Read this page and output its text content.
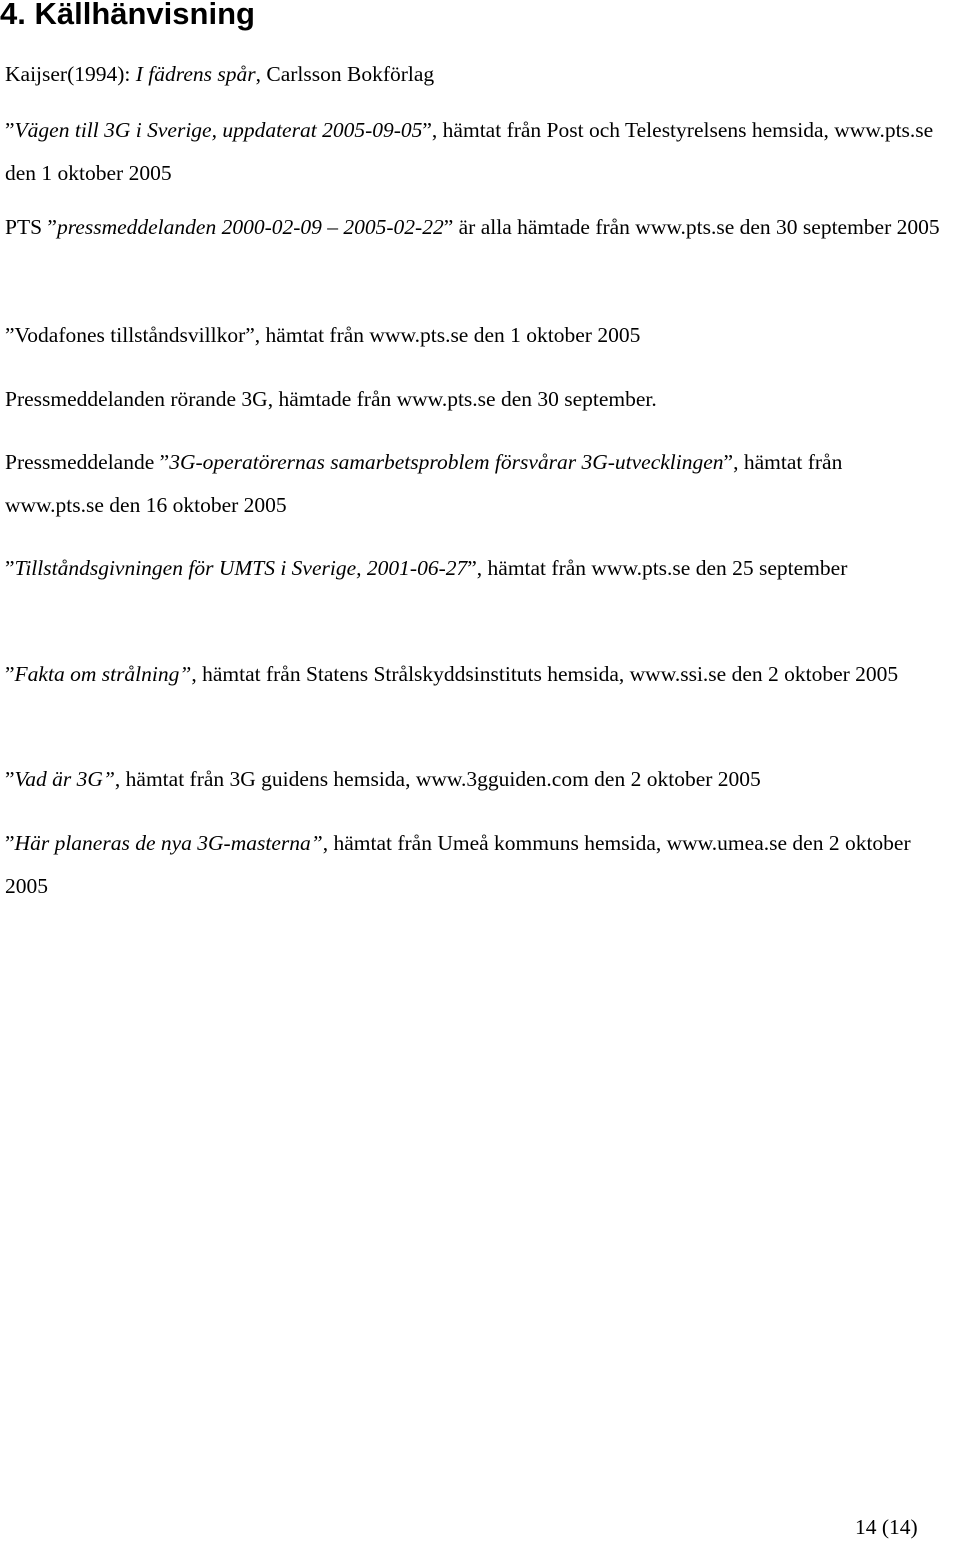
4. Källhänvisning

Kaijser(1994): I fädrens spår, Carlsson Bokförlag

”Vägen till 3G i Sverige, uppdaterat 2005-09-05”, hämtat från Post och Telestyrelsens hemsida, www.pts.se den 1 oktober 2005

PTS ”pressmeddelanden 2000-02-09 – 2005-02-22” är alla hämtade från www.pts.se den 30 september 2005

”Vodafones tillståndsvillkor”, hämtat från www.pts.se den 1 oktober 2005

Pressmeddelanden rörande 3G, hämtade från www.pts.se den 30 september.

Pressmeddelande ”3G-operatörernas samarbetsproblem försvårar 3G-utvecklingen”, hämtat från www.pts.se den 16 oktober 2005

”Tillståndsgivningen för UMTS i Sverige, 2001-06-27”, hämtat från www.pts.se den 25 september

”Fakta om strålning”, hämtat från Statens Strålskyddsinstituts hemsida, www.ssi.se den 2 oktober 2005

”Vad är 3G”, hämtat från 3G guidens hemsida, www.3gguiden.com den 2 oktober 2005

”Här planeras de nya 3G-masterna”, hämtat från Umeå kommuns hemsida, www.umea.se den 2 oktober 2005

14 (14)
